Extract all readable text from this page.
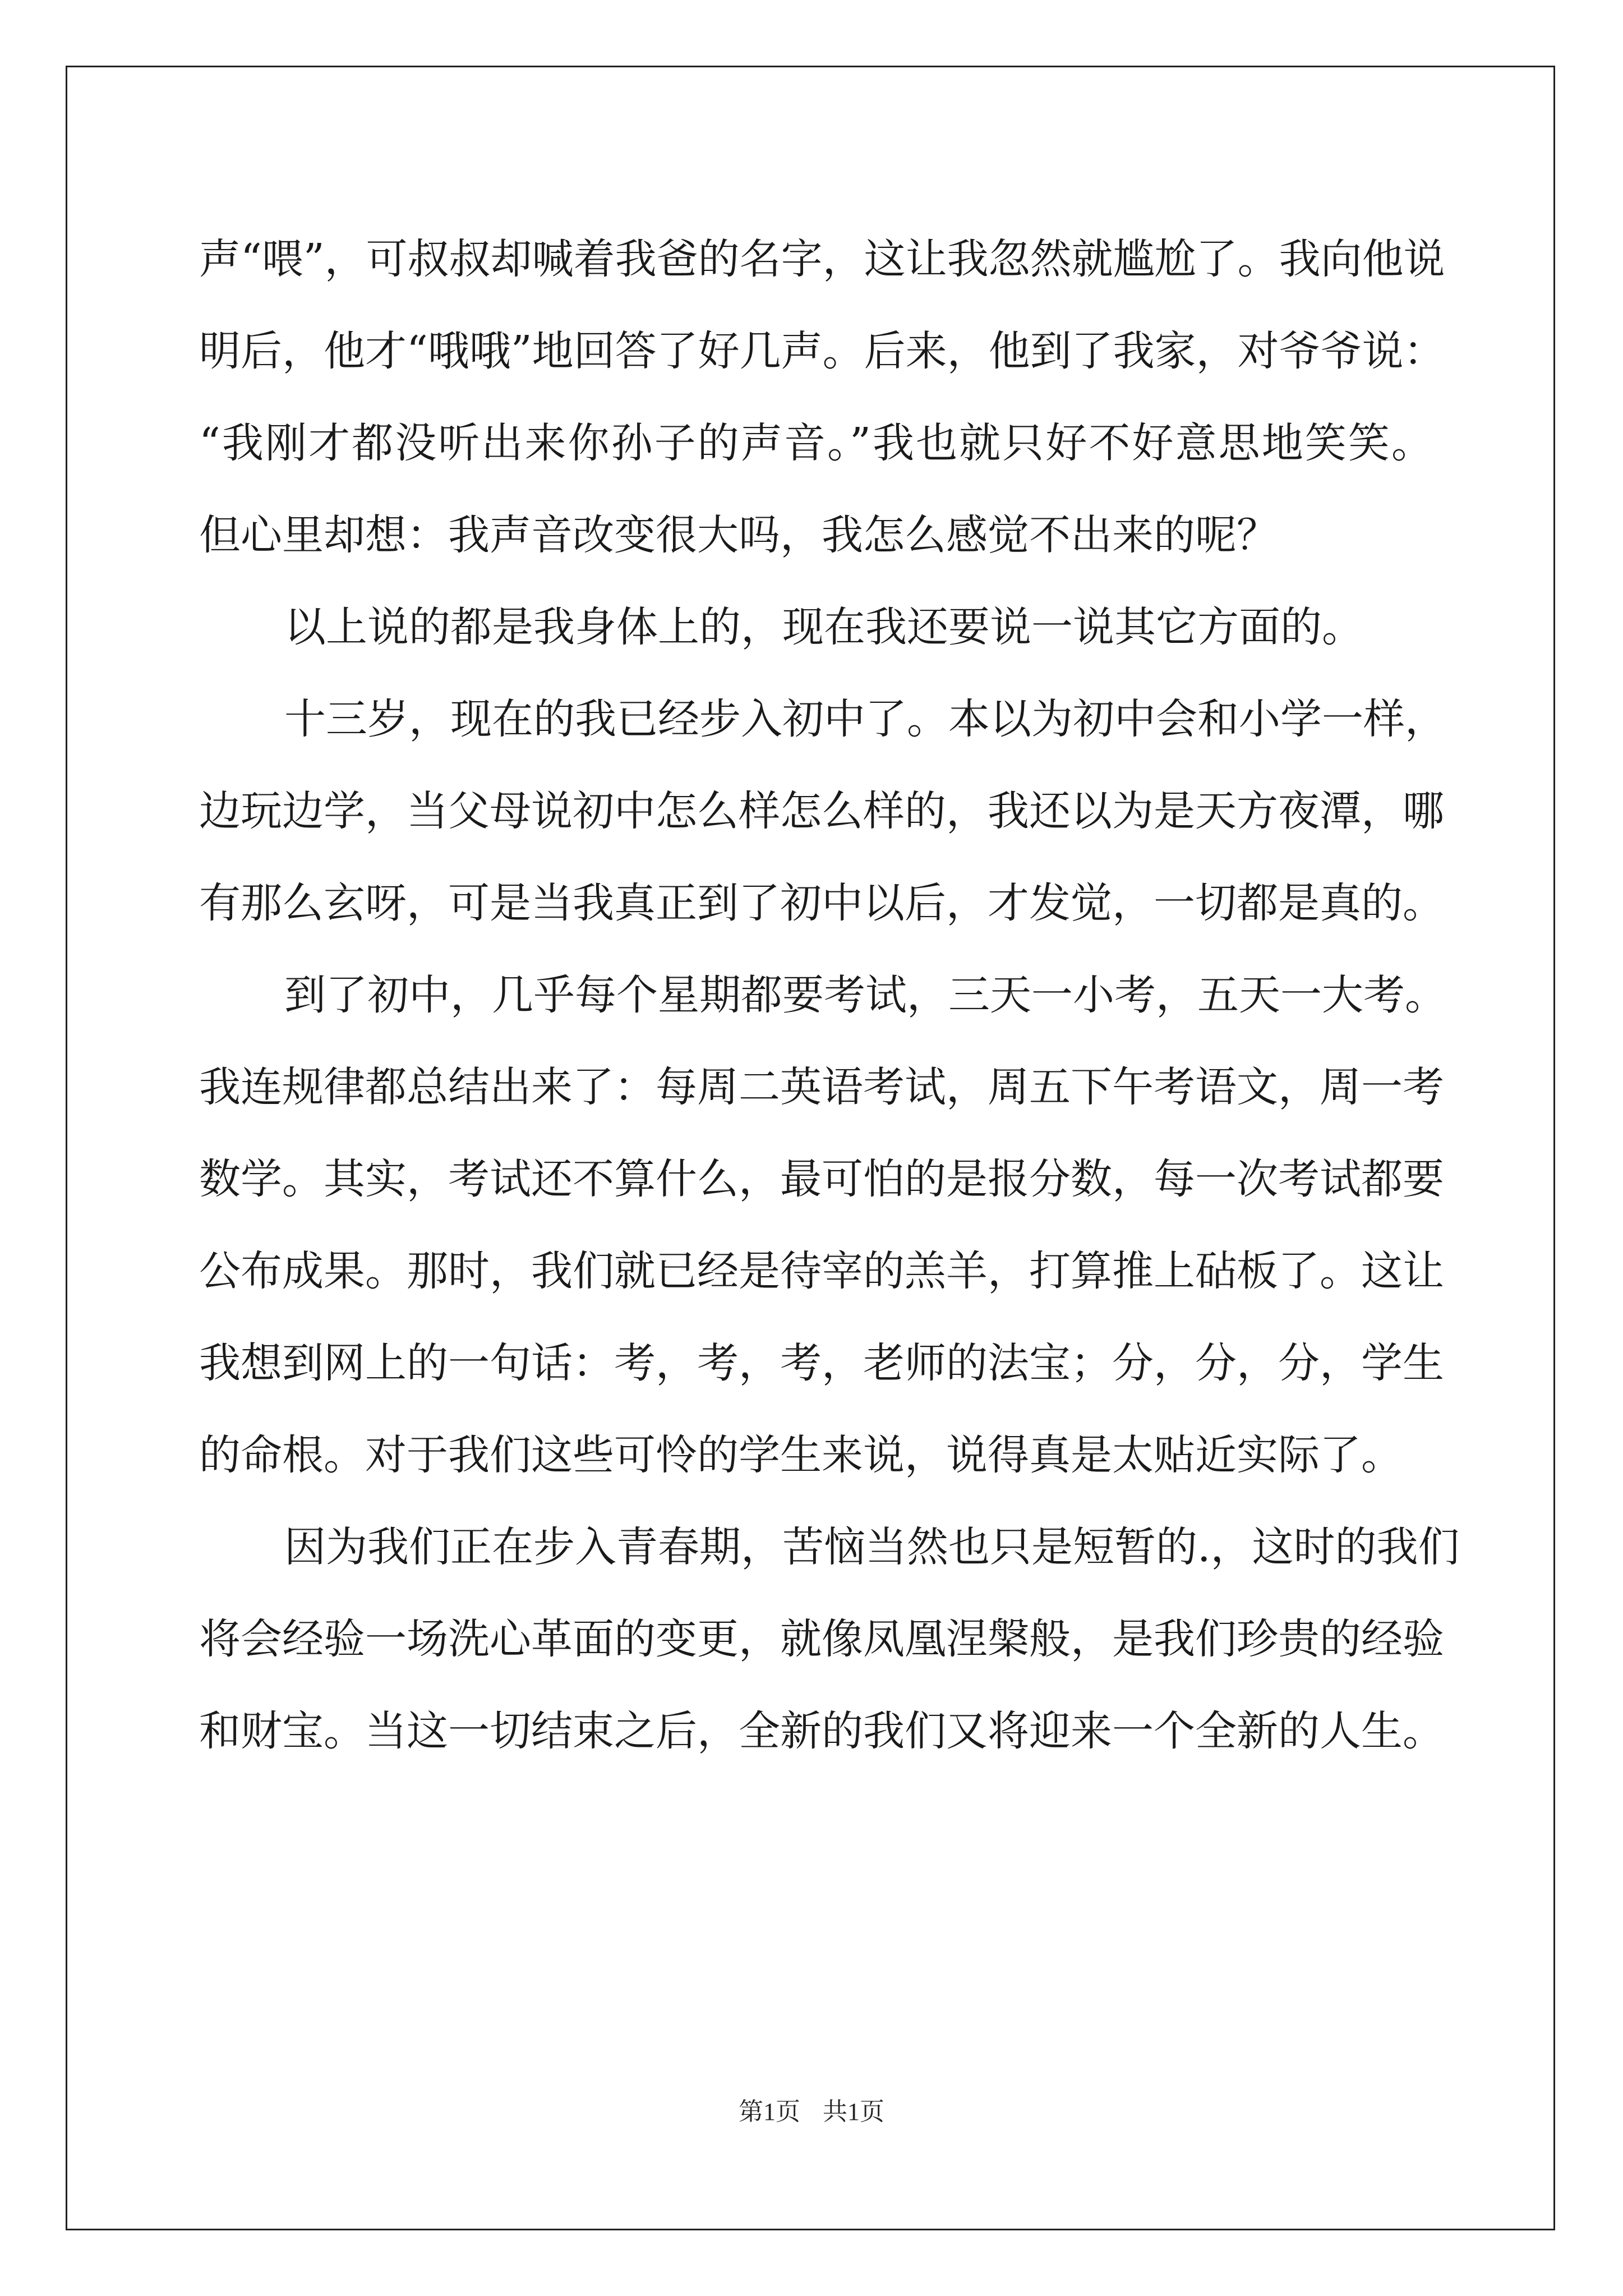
声“喂”，可叔叔却喊着我爸的名字，这让我忽然就尴尬了。我向他说
明后，他才“哦哦”地回答了好几声。后来，他到了我家，对爷爷说：
“我刚才都没听出来你孙子的声音。”我也就只好不好意思地笑笑。
但心里却想：我声音改变很大吗，我怎么感觉不出来的呢？
以上说的都是我身体上的，现在我还要说一说其它方面的。
十三岁，现在的我已经步入初中了。本以为初中会和小学一样，
边玩边学，当父母说初中怎么样怎么样的，我还以为是天方夜潭，哪
有那么玄呀，可是当我真正到了初中以后，才发觉，一切都是真的。
到了初中，几乎每个星期都要考试，三天一小考，五天一大考。
我连规律都总结出来了：每周二英语考试，周五下午考语文，周一考
数学。其实，考试还不算什么，最可怕的是报分数，每一次考试都要
公布成果。那时，我们就已经是待宰的羔羊，打算推上砧板了。这让
我想到网上的一句话：考，考，考，老师的法宝；分，分，分，学生
的命根。对于我们这些可怜的学生来说，说得真是太贴近实际了。
因为我们正在步入青春期，苦恼当然也只是短暂的.，这时的我们
将会经验一场洗心革面的变更，就像凤凰涅槃般，是我们珍贵的经验
和财宝。当这一切结束之后，全新的我们又将迎来一个全新的人生。
第1页 共1页
